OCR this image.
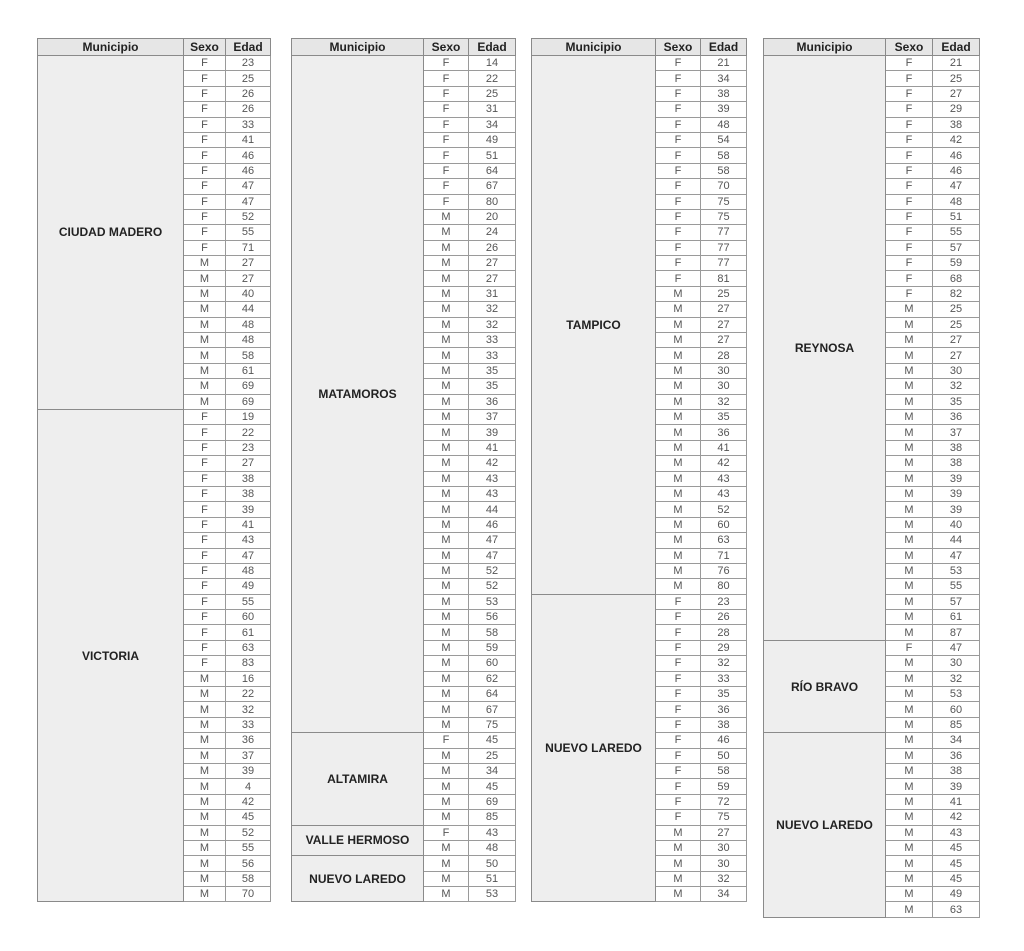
Municipio	Sexo	Edad
CIUDAD MADERO	F	23
	F	25
	F	26
	F	26
	F	33
	F	41
	F	46
	F	46
	F	47
	F	47
	F	52
	F	55
	F	71
	M	27
	M	27
	M	40
	M	44
	M	48
	M	48
	M	58
	M	61
	M	69
	M	69
VICTORIA	F	19
	F	22
	F	23
	F	27
	F	38
	F	38
	F	39
	F	41
	F	43
	F	47
	F	48
	F	49
	F	55
	F	60
	F	61
	F	63
	F	83
	M	16
	M	22
	M	32
	M	33
	M	36
	M	37
	M	39
	M	4
	M	42
	M	45
	M	52
	M	55
	M	56
	M	58
	M	70
Municipio	Sexo	Edad
MATAMOROS	F	14
	F	22
	F	25
	F	31
	F	34
	F	49
	F	51
	F	64
	F	67
	F	80
	M	20
	M	24
	M	26
	M	27
	M	27
	M	31
	M	32
	M	32
	M	33
	M	33
	M	35
	M	35
	M	36
	M	37
	M	39
	M	41
	M	42
	M	43
	M	43
	M	44
	M	46
	M	47
	M	47
	M	52
	M	52
	M	53
	M	56
	M	58
	M	59
	M	60
	M	62
	M	64
	M	67
	M	75
ALTAMIRA	F	45
	M	25
	M	34
	M	45
	M	69
	M	85
VALLE HERMOSO	F	43
	M	48
NUEVO LAREDO	M	50
	M	51
	M	53
Municipio	Sexo	Edad
TAMPICO	F	21
	F	34
	F	38
	F	39
	F	48
	F	54
	F	58
	F	58
	F	70
	F	75
	F	75
	F	77
	F	77
	F	77
	F	81
	M	25
	M	27
	M	27
	M	27
	M	28
	M	30
	M	30
	M	32
	M	35
	M	36
	M	41
	M	42
	M	43
	M	43
	M	52
	M	60
	M	63
	M	71
	M	76
	M	80
NUEVO LAREDO	F	23
	F	26
	F	28
	F	29
	F	32
	F	33
	F	35
	F	36
	F	38
	F	46
	F	50
	F	58
	F	59
	F	72
	F	75
	M	27
	M	30
	M	30
	M	32
	M	34
Municipio	Sexo	Edad
REYNOSA	F	21
	F	25
	F	27
	F	29
	F	38
	F	42
	F	46
	F	46
	F	47
	F	48
	F	51
	F	55
	F	57
	F	59
	F	68
	F	82
	M	25
	M	25
	M	27
	M	27
	M	30
	M	32
	M	35
	M	36
	M	37
	M	38
	M	38
	M	39
	M	39
	M	39
	M	40
	M	44
	M	47
	M	53
	M	55
	M	57
	M	61
	M	87
RÍO BRAVO	F	47
	M	30
	M	32
	M	53
	M	60
	M	85
NUEVO LAREDO	M	34
	M	36
	M	38
	M	39
	M	41
	M	42
	M	43
	M	45
	M	45
	M	45
	M	49
	M	63
